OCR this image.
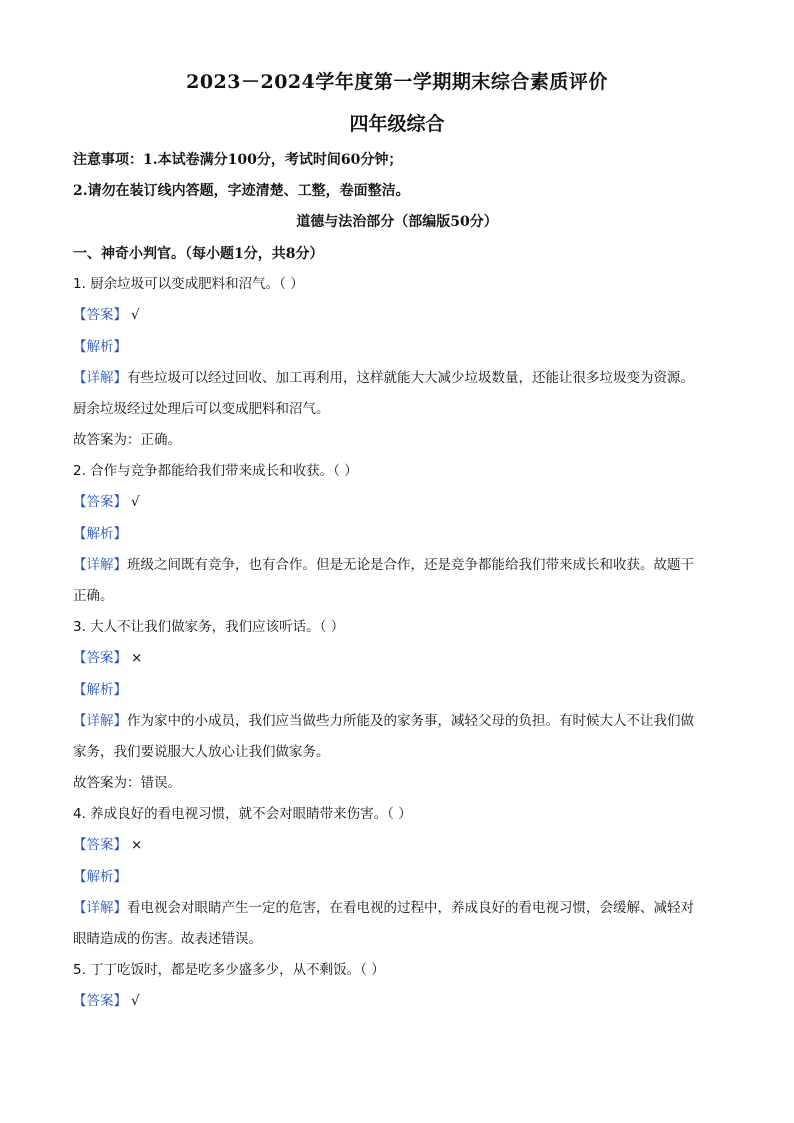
2023－2024学年度第一学期期末综合素质评价
四年级综合
注意事项：1.本试卷满分100分，考试时间60分钟；
2.请勿在装订线内答题，字迹清楚、工整，卷面整洁。
道德与法治部分（部编版50分）
一、神奇小判官。（每小题1分，共8分）
1. 厨余垃圾可以变成肥料和沼气。（ ）
【答案】 √
【解析】
【详解】有些垃圾可以经过回收、加工再利用，这样就能大大减少垃圾数量，还能让很多垃圾变为资源。
厨余垃圾经过处理后可以变成肥料和沼气。
故答案为：正确。
2. 合作与竞争都能给我们带来成长和收获。（ ）
【答案】 √
【解析】
【详解】班级之间既有竞争，也有合作。但是无论是合作，还是竞争都能给我们带来成长和收获。故题干
正确。
3. 大人不让我们做家务，我们应该听话。（ ）
【答案】 ×
【解析】
【详解】作为家中的小成员，我们应当做些力所能及的家务事，减轻父母的负担。有时候大人不让我们做
家务，我们要说服大人放心让我们做家务。
故答案为：错误。
4. 养成良好的看电视习惯，就不会对眼睛带来伤害。（ ）
【答案】 ×
【解析】
【详解】看电视会对眼睛产生一定的危害，在看电视的过程中，养成良好的看电视习惯，会缓解、减轻对
眼睛造成的伤害。故表述错误。
5. 丁丁吃饭时，都是吃多少盛多少，从不剩饭。（ ）
【答案】 √
